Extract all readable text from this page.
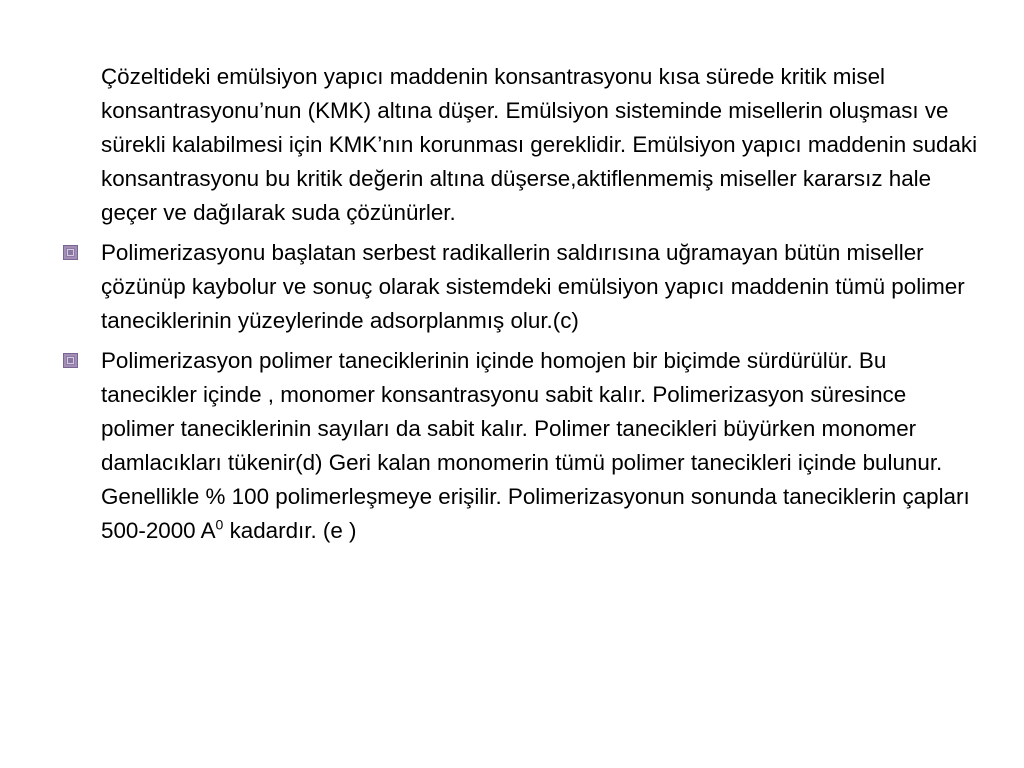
Çözeltideki emülsiyon yapıcı maddenin konsantrasyonu kısa sürede kritik misel konsantrasyonu’nun (KMK) altına düşer. Emülsiyon sisteminde misellerin oluşması ve sürekli kalabilmesi için KMK’nın korunması gereklidir. Emülsiyon yapıcı maddenin sudaki konsantrasyonu bu kritik değerin altına düşerse,aktiflenmemiş miseller kararsız hale geçer ve dağılarak suda çözünürler.

Polimerizasyonu başlatan serbest radikallerin saldırısına uğramayan bütün miseller çözünüp kaybolur ve sonuç olarak sistemdeki emülsiyon yapıcı maddenin tümü polimer taneciklerinin yüzeylerinde adsorplanmış olur.(c)

Polimerizasyon polimer taneciklerinin içinde homojen bir biçimde sürdürülür. Bu tanecikler içinde , monomer konsantrasyonu sabit kalır. Polimerizasyon süresince polimer taneciklerinin sayıları da sabit kalır. Polimer tanecikleri büyürken monomer damlacıkları tükenir(d) Geri kalan monomerin tümü polimer tanecikleri içinde bulunur. Genellikle % 100 polimerleşmeye erişilir. Polimerizasyonun sonunda taneciklerin çapları 500-2000 $A^0$ kadardır. (e )
